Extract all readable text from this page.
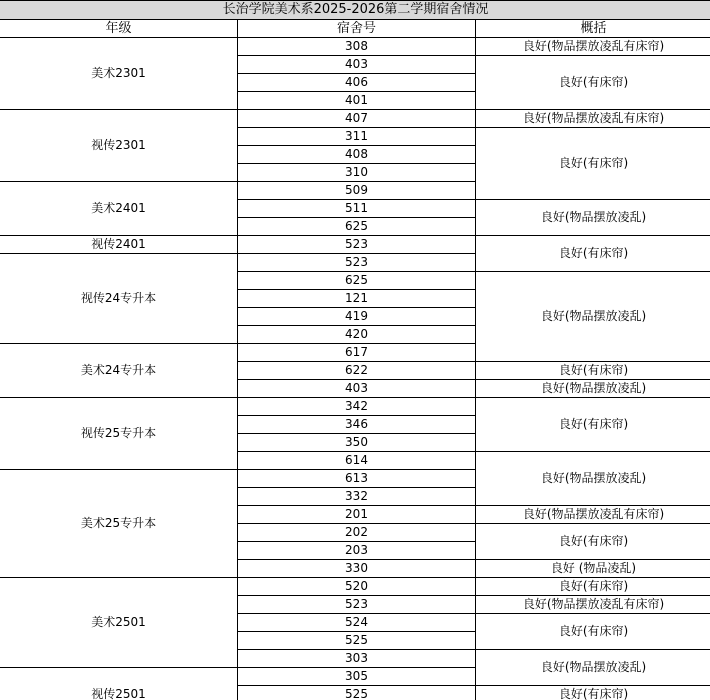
长治学院美术系2025-2026第二学期宿舍情况		
年级	宿舍号	概括
美术2301	308	良好(物品摆放凌乱有床帘)
	403	良好(有床帘)
	406	
	401	
视传2301	407	良好(物品摆放凌乱有床帘)
	311	良好(有床帘)
	408	
	310	
美术2401	509	
	511	良好(物品摆放凌乱)
	625	
视传2401	523	良好(有床帘)
视传24专升本	523	
	625	良好(物品摆放凌乱)
	121	
	419	
	420	
美术24专升本	617	
	622	良好(有床帘)
	403	良好(物品摆放凌乱)
视传25专升本	342	良好(有床帘)
	346	
	350	
	614	良好(物品摆放凌乱)
美术25专升本	613	
	332	
	201	良好(物品摆放凌乱有床帘)
	202	良好(有床帘)
	203	
	330	良好 (物品凌乱)
美术2501	520	良好(有床帘)
	523	良好(物品摆放凌乱有床帘)
	524	良好(有床帘)
	525	
	303	良好(物品摆放凌乱)
视传2501	305	
	525	良好(有床帘)
